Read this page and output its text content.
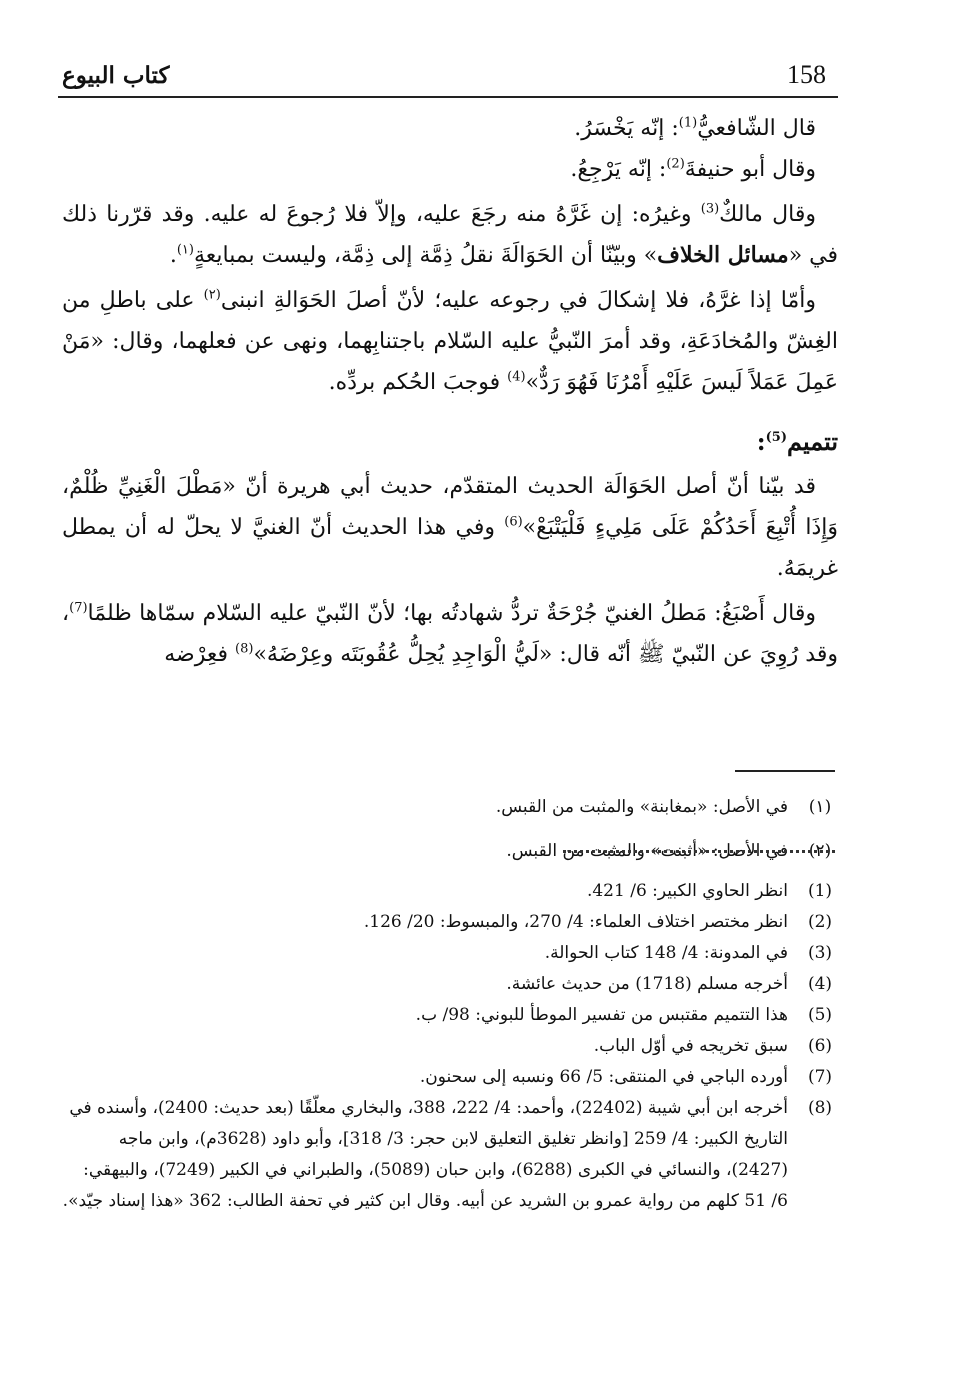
158
كتاب البيوع

قال الشّافعيُّ$^{(1)}$: إنّه يَخْسَرُ.

وقال أبو حنيفةَ$^{(2)}$: إنّه يَرْجِعُ.

وقال مالكٌ$^{(3)}$ وغيرُه: إن غَرَّهُ منه رجَعَ عليه، وإلاّ فلا رُجوعَ له عليه. وقد قرّرنا ذلك في «مسائل الخلاف» وبيّنّا أن الحَوَالَةَ نقلُ ذِمَّة إلى ذِمَّة، وليست بمبايعةٍ$^{(١)}$.

وأمّا إذا غرَّهُ، فلا إشكالَ في رجوعه عليه؛ لأنّ أصلَ الحَوَالةِ انبنى$^{(٢)}$ على باطلِ من الغِشّ والمُخادَعَةِ، وقد أمرَ النّبيُّ عليه السّلام باجتنابِهما، ونهى عن فعلهما، وقال: «مَنْ عَمِلَ عَمَلاً لَيسَ عَلَيْهِ أَمْرُنَا فَهُوَ رَدٌّ»$^{(4)}$ فوجبَ الحُكم بردِّه.

تتميم$^{(5)}$:

قد بيّنا أنّ أصل الحَوَالَة الحديث المتقدّم، حديث أبي هريرة أنّ «مَطْلَ الْغَنِيِّ ظُلْمٌ، وَإِذَا أُتْبِعَ أَحَدُكُمْ عَلَى مَلِيءٍ فَلْيَتْبَعْ»$^{(6)}$ وفي هذا الحديث أنّ الغنيَّ لا يحلّ له أن يمطل غريمَهُ.

وقال أَصْبَغُ: مَطلُ الغنيّ جُرْحَةٌ تردُّ شهادتُه بها؛ لأنّ النّبيّ عليه السّلام سمّاها ظلمًا$^{(7)}$، وقد رُوِيَ عن النّبيّ ﷺ أنّه قال: «لَيُّ الْوَاجِدِ يُحِلُّ عُقُوبَتَه وعِرْضَهُ»$^{(8)}$ فعِرْضه

(١)
في الأصل: «بمغابنة» والمثبت من القبس.
(٢)
في الأصل: «أثبنت» والمثبت من القبس.
(1)
انظر الحاوي الكبير: 6/ 421.
(2)
انظر مختصر اختلاف العلماء: 4/ 270، والمبسوط: 20/ 126.
(3)
في المدونة: 4/ 148 كتاب الحوالة.
(4)
أخرجه مسلم (1718) من حديث عائشة.
(5)
هذا التتميم مقتبس من تفسير الموطأ للبوني: 98/ ب.
(6)
سبق تخريجه في أوّل الباب.
(7)
أورده الباجي في المنتقى: 5/ 66 ونسبه إلى سحنون.
(8)
أخرجه ابن أبي شيبة (22402)، وأحمد: 4/ 222، 388، والبخاري معلّقًا (بعد حديث: 2400)، وأسنده في التاريخ الكبير: 4/ 259 [وانظر تغليق التعليق لابن حجر: 3/ 318]، وأبو داود (3628م)، وابن ماجه (2427)، والنسائي في الكبرى (6288)، وابن حبان (5089)، والطبراني في الكبير (7249)، والبيهقي: 6/ 51 كلهم من رواية عمرو بن الشريد عن أبيه. وقال ابن كثير في تحفة الطالب: 362 «هذا إسناد جيّد».
